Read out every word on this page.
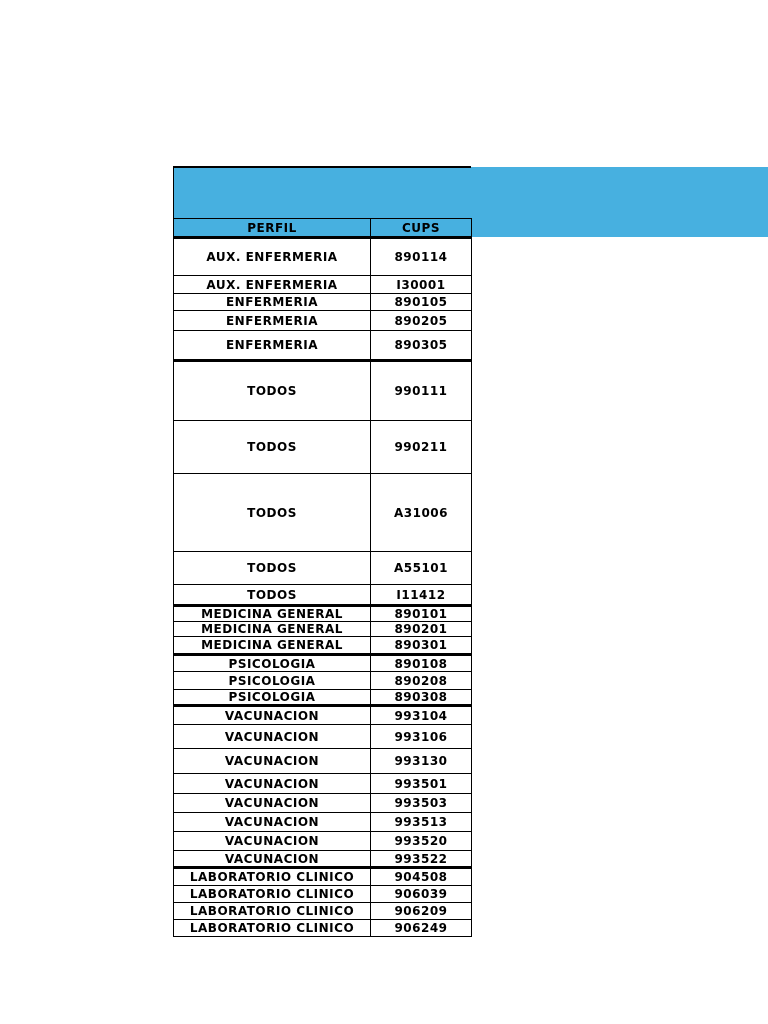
PERFIL	CUPS
AUX. ENFERMERIA	890114
AUX. ENFERMERIA	I30001
ENFERMERIA	890105
ENFERMERIA	890205
ENFERMERIA	890305
TODOS	990111
TODOS	990211
TODOS	A31006
TODOS	A55101
TODOS	I11412
MEDICINA GENERAL	890101
MEDICINA GENERAL	890201
MEDICINA GENERAL	890301
PSICOLOGIA	890108
PSICOLOGIA	890208
PSICOLOGIA	890308
VACUNACION	993104
VACUNACION	993106
VACUNACION	993130
VACUNACION	993501
VACUNACION	993503
VACUNACION	993513
VACUNACION	993520
VACUNACION	993522
LABORATORIO CLINICO	904508
LABORATORIO CLINICO	906039
LABORATORIO CLINICO	906209
LABORATORIO CLINICO	906249
